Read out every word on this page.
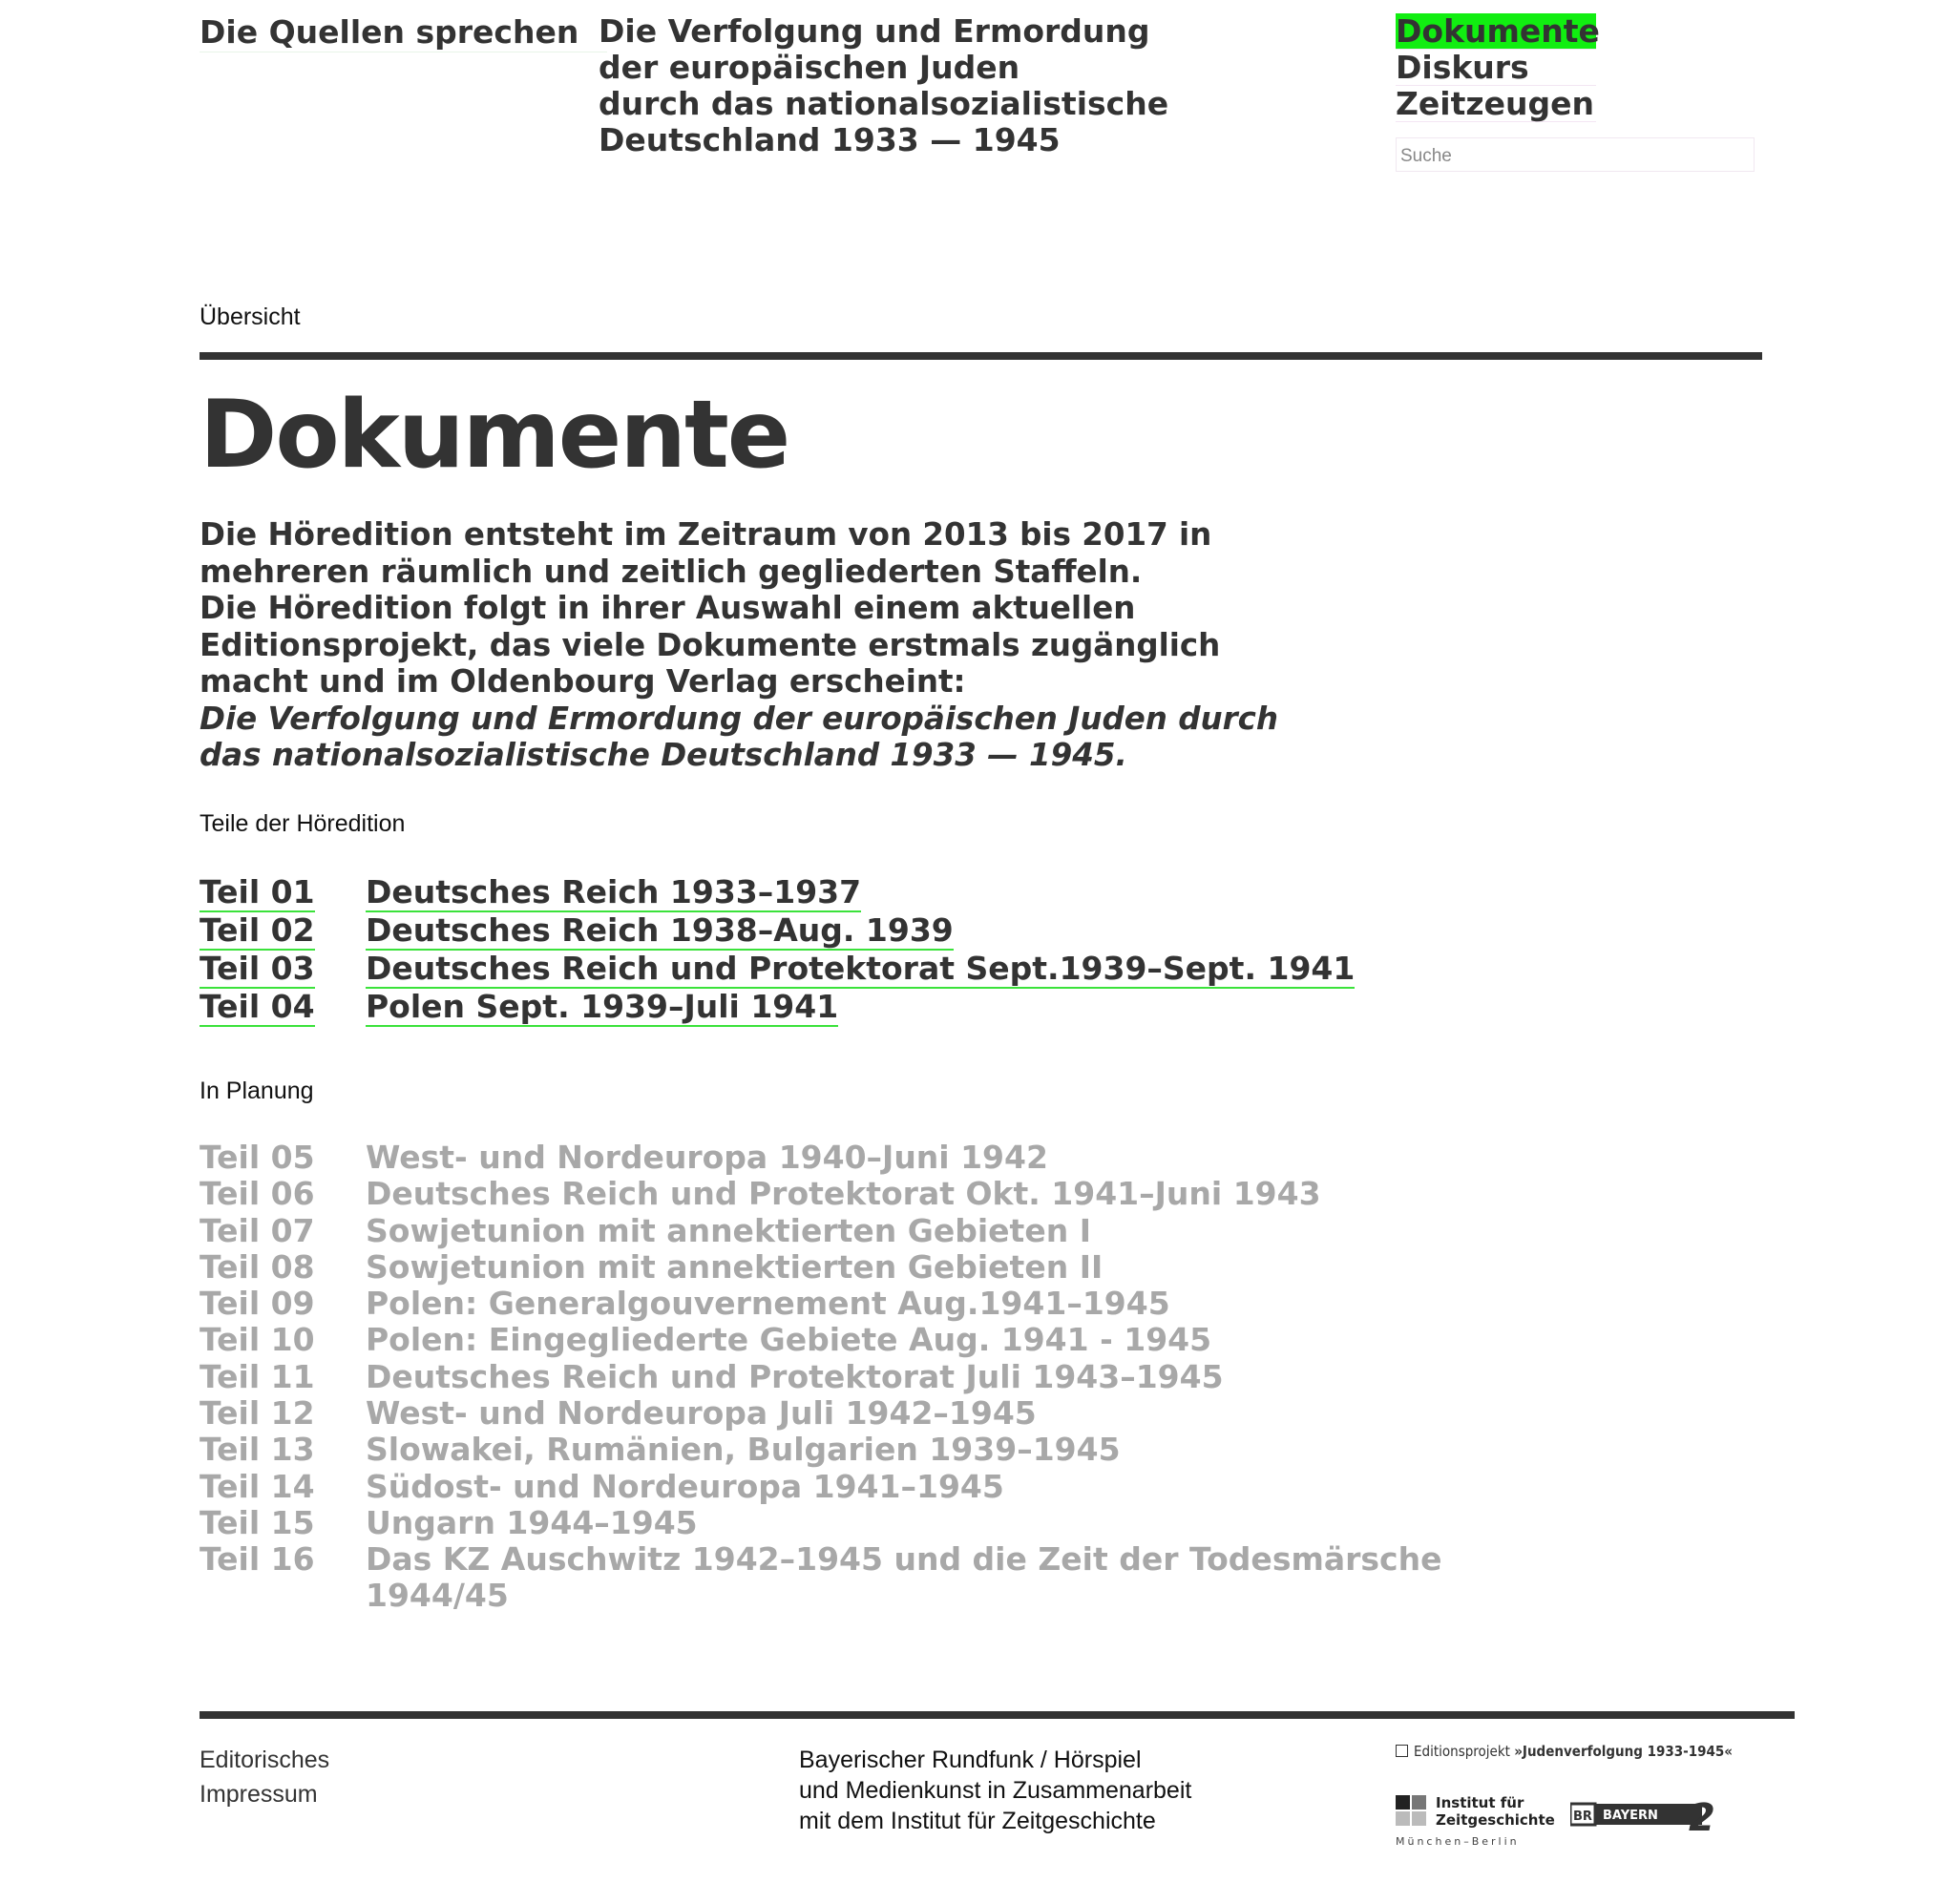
Die Quellen sprechen Die Verfolgung und Ermordung
der europäischen Juden
durch das nationalsozialistische
Deutschland 1933 — 1945
Dokumente
Diskurs
Zeitzeugen
Suche
Übersicht
Dokumente
Die Höredition entsteht im Zeitraum von 2013 bis 2017 in
mehreren räumlich und zeitlich gegliederten Staffeln.
Die Höredition folgt in ihrer Auswahl einem aktuellen
Editionsprojekt, das viele Dokumente erstmals zugänglich
macht und im Oldenbourg Verlag erscheint:
Die Verfolgung und Ermordung der europäischen Juden durch
das nationalsozialistische Deutschland 1933 — 1945.
Teile der Höredition
Teil 01 Deutsches Reich 1933–1937
Teil 02 Deutsches Reich 1938–Aug. 1939
Teil 03 Deutsches Reich und Protektorat Sept.1939–Sept. 1941
Teil 04 Polen Sept. 1939–Juli 1941
In Planung
Teil 05 West- und Nordeuropa 1940–Juni 1942
Teil 06 Deutsches Reich und Protektorat Okt. 1941–Juni 1943
Teil 07 Sowjetunion mit annektierten Gebieten I
Teil 08 Sowjetunion mit annektierten Gebieten II
Teil 09 Polen: Generalgouvernement Aug.1941–1945
Teil 10 Polen: Eingegliederte Gebiete Aug. 1941 - 1945
Teil 11 Deutsches Reich und Protektorat Juli 1943–1945
Teil 12 West- und Nordeuropa Juli 1942–1945
Teil 13 Slowakei, Rumänien, Bulgarien 1939–1945
Teil 14 Südost- und Nordeuropa 1941–1945
Teil 15 Ungarn 1944–1945
Teil 16 Das KZ Auschwitz 1942–1945 und die Zeit der Todesmärsche
1944/45
Editorisches
Impressum
Bayerischer Rundfunk / Hörspiel
und Medienkunst in Zusammenarbeit
mit dem Institut für Zeitgeschichte
Editionsprojekt »Judenverfolgung 1933-1945«
Institut für
Zeitgeschichte
München–Berlin
BR BAYERN 2
